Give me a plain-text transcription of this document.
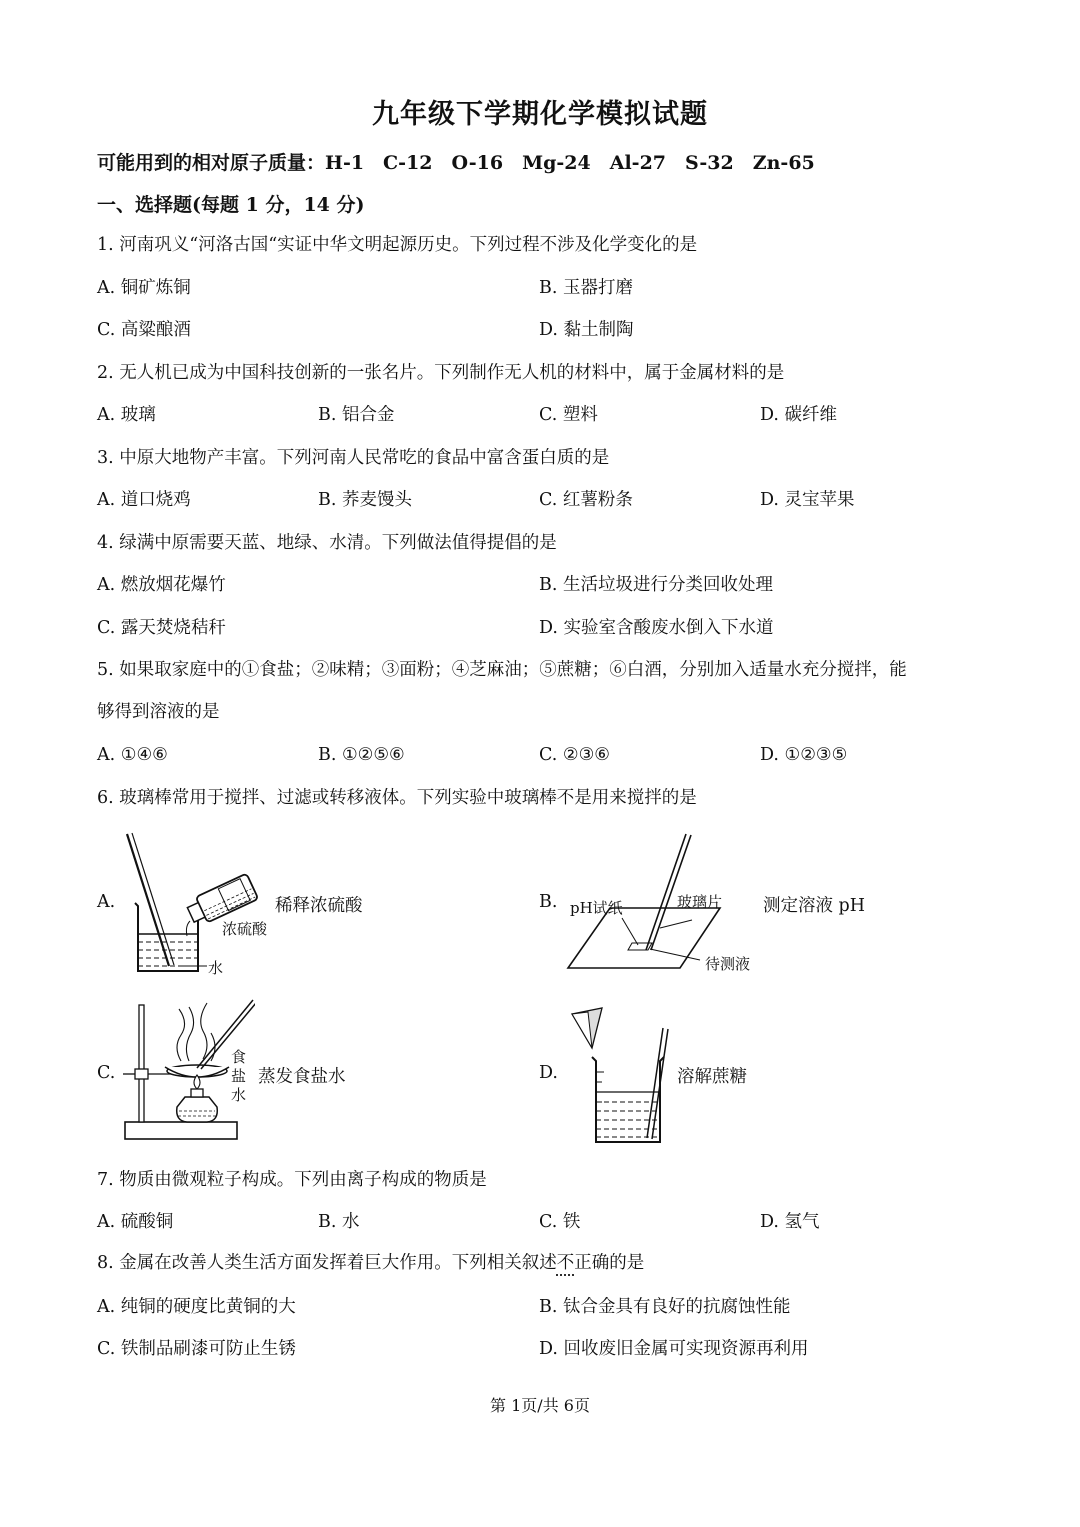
九年级下学期化学模拟试题
可能用到的相对原子质量：H-1　C-12　O-16　Mg-24　Al-27　S-32　Zn-65
一、选择题(每题 1 分，14 分)
1. 河南巩义“河洛古国“实证中华文明起源历史。下列过程不涉及化学变化的是
A. 铜矿炼铜	B. 玉器打磨
C. 高粱酿酒	D. 黏土制陶
2. 无人机已成为中国科技创新的一张名片。下列制作无人机的材料中，属于金属材料的是
A. 玻璃	B. 铝合金	C. 塑料	D. 碳纤维
3. 中原大地物产丰富。下列河南人民常吃的食品中富含蛋白质的是
A. 道口烧鸡	B. 荞麦馒头	C. 红薯粉条	D. 灵宝苹果
4. 绿满中原需要天蓝、地绿、水清。下列做法值得提倡的是
A. 燃放烟花爆竹	B. 生活垃圾进行分类回收处理
C. 露天焚烧秸秆	D. 实验室含酸废水倒入下水道
5. 如果取家庭中的①食盐；②味精；③面粉；④芝麻油；⑤蔗糖；⑥白酒，分别加入适量水充分搅拌，能
够得到溶液的是
A. ①④⑥	B. ①②⑤⑥	C. ②③⑥	D. ①②③⑤
6. 玻璃棒常用于搅拌、过滤或转移液体。下列实验中玻璃棒不是用来搅拌的是
A.
浓硫酸
水
稀释浓硫酸	B. pH试纸	玻璃片
待测液
测定溶液 pH
C.
食
盐
水
蒸发食盐水	D.	溶解蔗糖
7. 物质由微观粒子构成。下列由离子构成的物质是
A. 硫酸铜	B. 水	C. 铁	D. 氢气
8. 金属在改善人类生活方面发挥着巨大作用。下列相关叙述不正确的是
A. 纯铜的硬度比黄铜的大	B. 钛合金具有良好的抗腐蚀性能
C. 铁制品刷漆可防止生锈	D. 回收废旧金属可实现资源再利用
第 1页/共 6页
